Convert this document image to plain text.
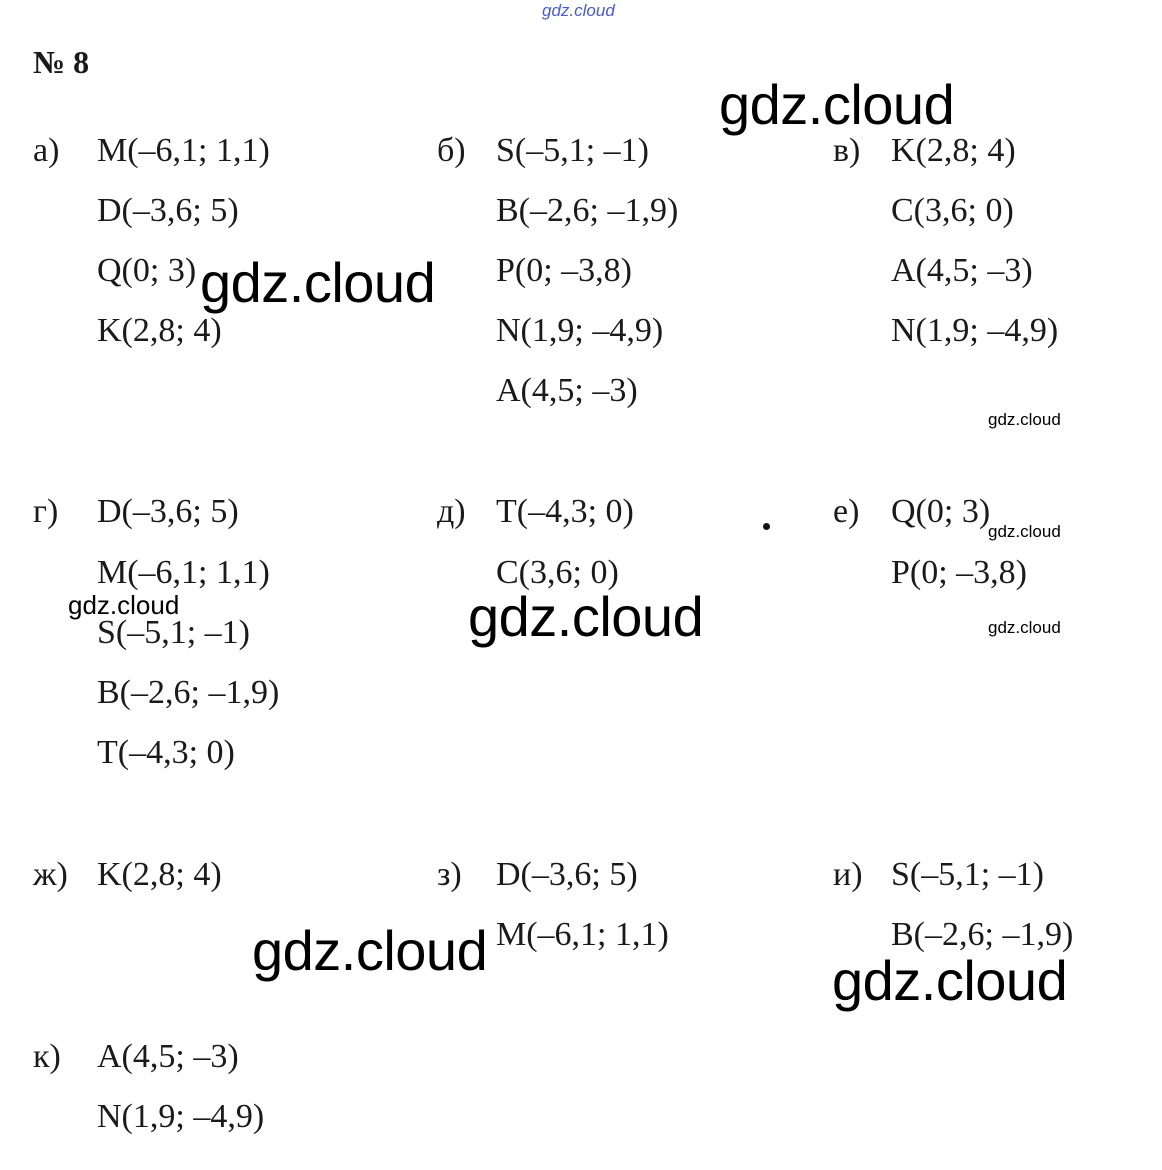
gdz.cloud
№ 8
а) M(–6,1; 1,1)
D(–3,6; 5)
Q(0; 3)
K(2,8; 4)
б) S(–5,1; –1)
B(–2,6; –1,9)
P(0; –3,8)
N(1,9; –4,9)
A(4,5; –3)
в) K(2,8; 4)
C(3,6; 0)
A(4,5; –3)
N(1,9; –4,9)
г) D(–3,6; 5)
M(–6,1; 1,1)
S(–5,1; –1)
B(–2,6; –1,9)
T(–4,3; 0)
д) T(–4,3; 0)
C(3,6; 0)
е) Q(0; 3)
P(0; –3,8)
ж) K(2,8; 4)	з) D(–3,6; 5)
M(–6,1; 1,1)
и) S(–5,1; –1)
B(–2,6; –1,9)
к) A(4,5; –3)
N(1,9; –4,9)
gdz.cloud
gdz.cloud
gdz.cloud
gdz.cloud
gdz.cloud	gdz.cloud	gdz.cloud
gdz.cloud	gdz.cloud
